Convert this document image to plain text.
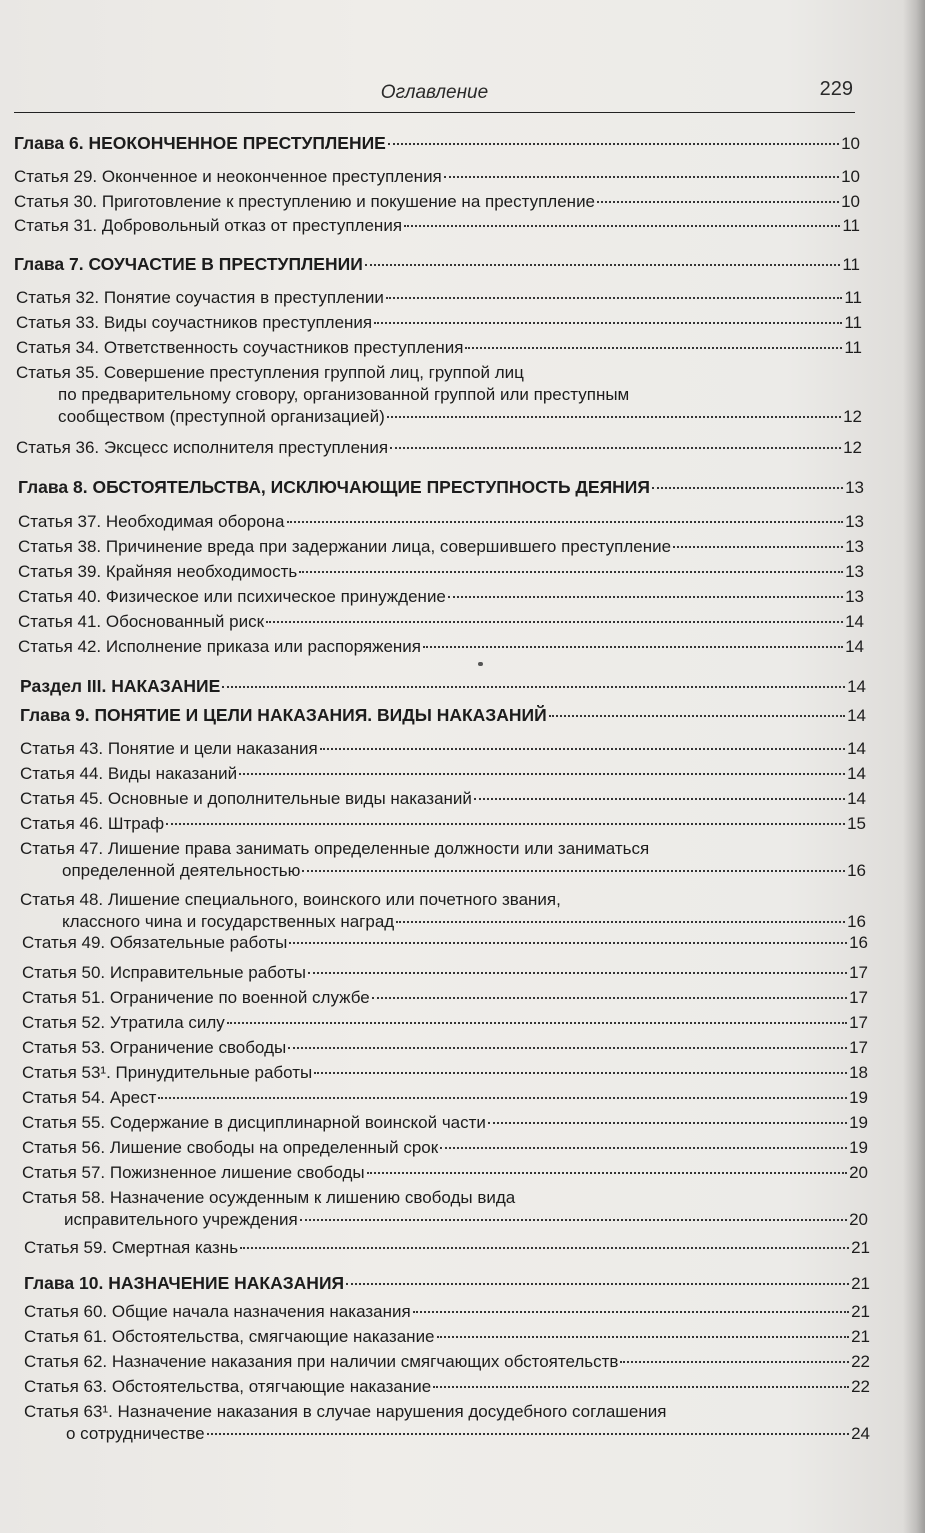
Оглавление	229
Глава 6. НЕОКОНЧЕННОЕ ПРЕСТУПЛЕНИЕ	10
Статья 29. Оконченное и неоконченное преступления	10
Статья 30. Приготовление к преступлению и покушение на преступление	10
Статья 31. Добровольный отказ от преступления	11
Глава 7. СОУЧАСТИЕ В ПРЕСТУПЛЕНИИ	11
Статья 32. Понятие соучастия в преступлении	11
Статья 33. Виды соучастников преступления	11
Статья 34. Ответственность соучастников преступления	11
Статья 35. Совершение преступления группой лиц, группой лиц
по предварительному сговору, организованной группой или преступным
сообществом (преступной организацией)	12
Статья 36. Эксцесс исполнителя преступления	12
Глава 8. ОБСТОЯТЕЛЬСТВА, ИСКЛЮЧАЮЩИЕ ПРЕСТУПНОСТЬ ДЕЯНИЯ	13
Статья 37. Необходимая оборона	13
Статья 38. Причинение вреда при задержании лица, совершившего преступление	13
Статья 39. Крайняя необходимость	13
Статья 40. Физическое или психическое принуждение	13
Статья 41. Обоснованный риск	14
Статья 42. Исполнение приказа или распоряжения	14
Раздел III. НАКАЗАНИЕ	14
Глава 9. ПОНЯТИЕ И ЦЕЛИ НАКАЗАНИЯ. ВИДЫ НАКАЗАНИЙ	14
Статья 43. Понятие и цели наказания	14
Статья 44. Виды наказаний	14
Статья 45. Основные и дополнительные виды наказаний	14
Статья 46. Штраф	15
Статья 47. Лишение права занимать определенные должности или заниматься
определенной деятельностью	16
Статья 48. Лишение специального, воинского или почетного звания,
классного чина и государственных наград	16
Статья 49. Обязательные работы	16
Статья 50. Исправительные работы	17
Статья 51. Ограничение по военной службе	17
Статья 52. Утратила силу	17
Статья 53. Ограничение свободы	17
Статья 53¹. Принудительные работы	18
Статья 54. Арест	19
Статья 55. Содержание в дисциплинарной воинской части	19
Статья 56. Лишение свободы на определенный срок	19
Статья 57. Пожизненное лишение свободы	20
Статья 58. Назначение осужденным к лишению свободы вида
исправительного учреждения	20
Статья 59. Смертная казнь	21
Глава 10. НАЗНАЧЕНИЕ НАКАЗАНИЯ	21
Статья 60. Общие начала назначения наказания	21
Статья 61. Обстоятельства, смягчающие наказание	21
Статья 62. Назначение наказания при наличии смягчающих обстоятельств	22
Статья 63. Обстоятельства, отягчающие наказание	22
Статья 63¹. Назначение наказания в случае нарушения досудебного соглашения
о сотрудничестве	24
